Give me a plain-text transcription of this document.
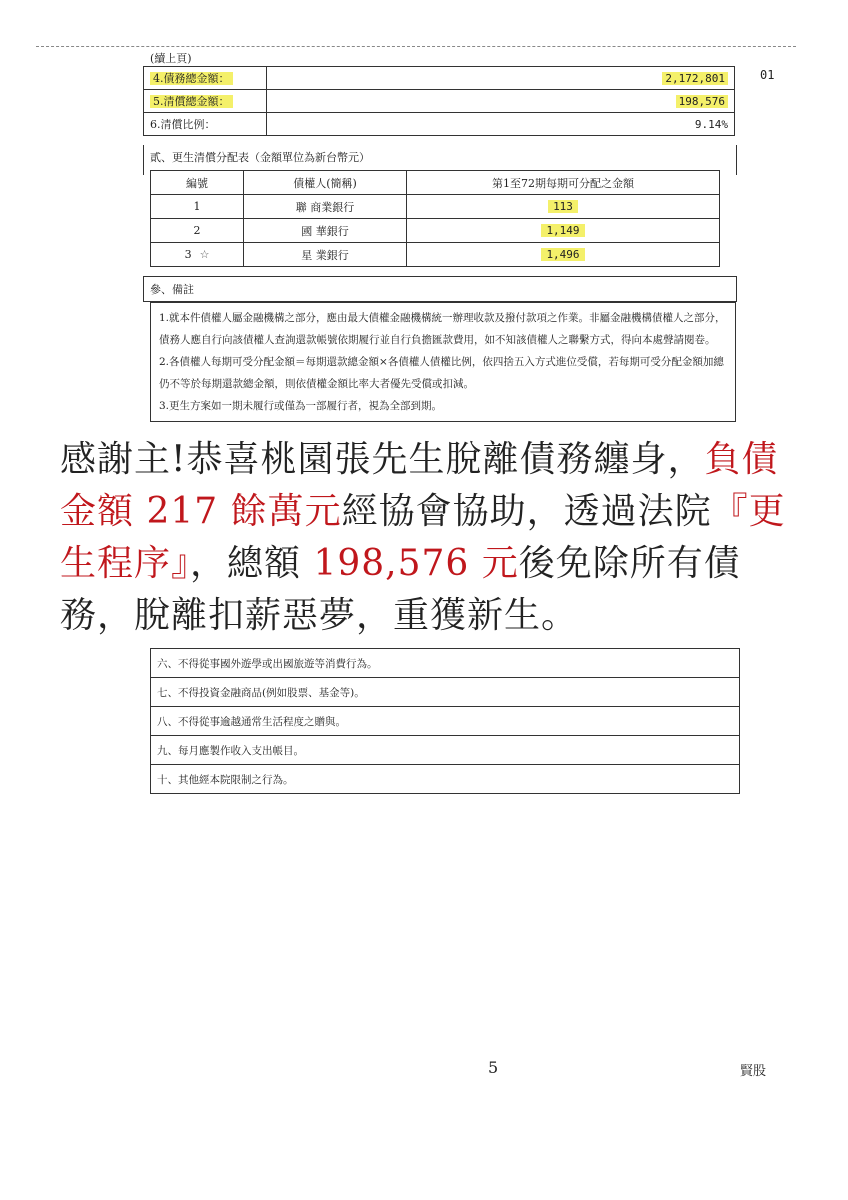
(續上頁)
01
4.債務總金額：	2,172,801
5.清償總金額：	198,576
6.清償比例：	9.14%
貳、更生清償分配表（金額單位為新台幣元）
編號	債權人(簡稱)	第1至72期每期可分配之金額
1	聯 商業銀行	113
2	國 華銀行	1,149
3 ☆	星 業銀行	1,496
參、備註

1.就本件債權人屬金融機構之部分，應由最大債權金融機構統一辦理收款及撥付款項之作業。非屬金融機構債權人之部分，債務人應自行向該債權人查詢還款帳號依期履行並自行負擔匯款費用，如不知該債權人之聯繫方式，得向本處聲請閱卷。

2.各債權人每期可受分配金額＝每期還款總金額×各債權人債權比例，依四捨五入方式進位受償，若每期可受分配金額加總仍不等於每期還款總金額，則依債權金額比率大者優先受償或扣減。

3.更生方案如一期未履行或僅為一部履行者，視為全部到期。

感謝主!恭喜桃園張先生脫離債務纏身，負債金額 217 餘萬元經協會協助，透過法院『更生程序』，總額 198,576 元後免除所有債務，脫離扣薪惡夢，重獲新生。
六、不得從事國外遊學或出國旅遊等消費行為。
七、不得投資金融商品(例如股票、基金等)。
八、不得從事逾越通常生活程度之贈與。
九、每月應製作收入支出帳目。
十、其他經本院限制之行為。
5	賢股
